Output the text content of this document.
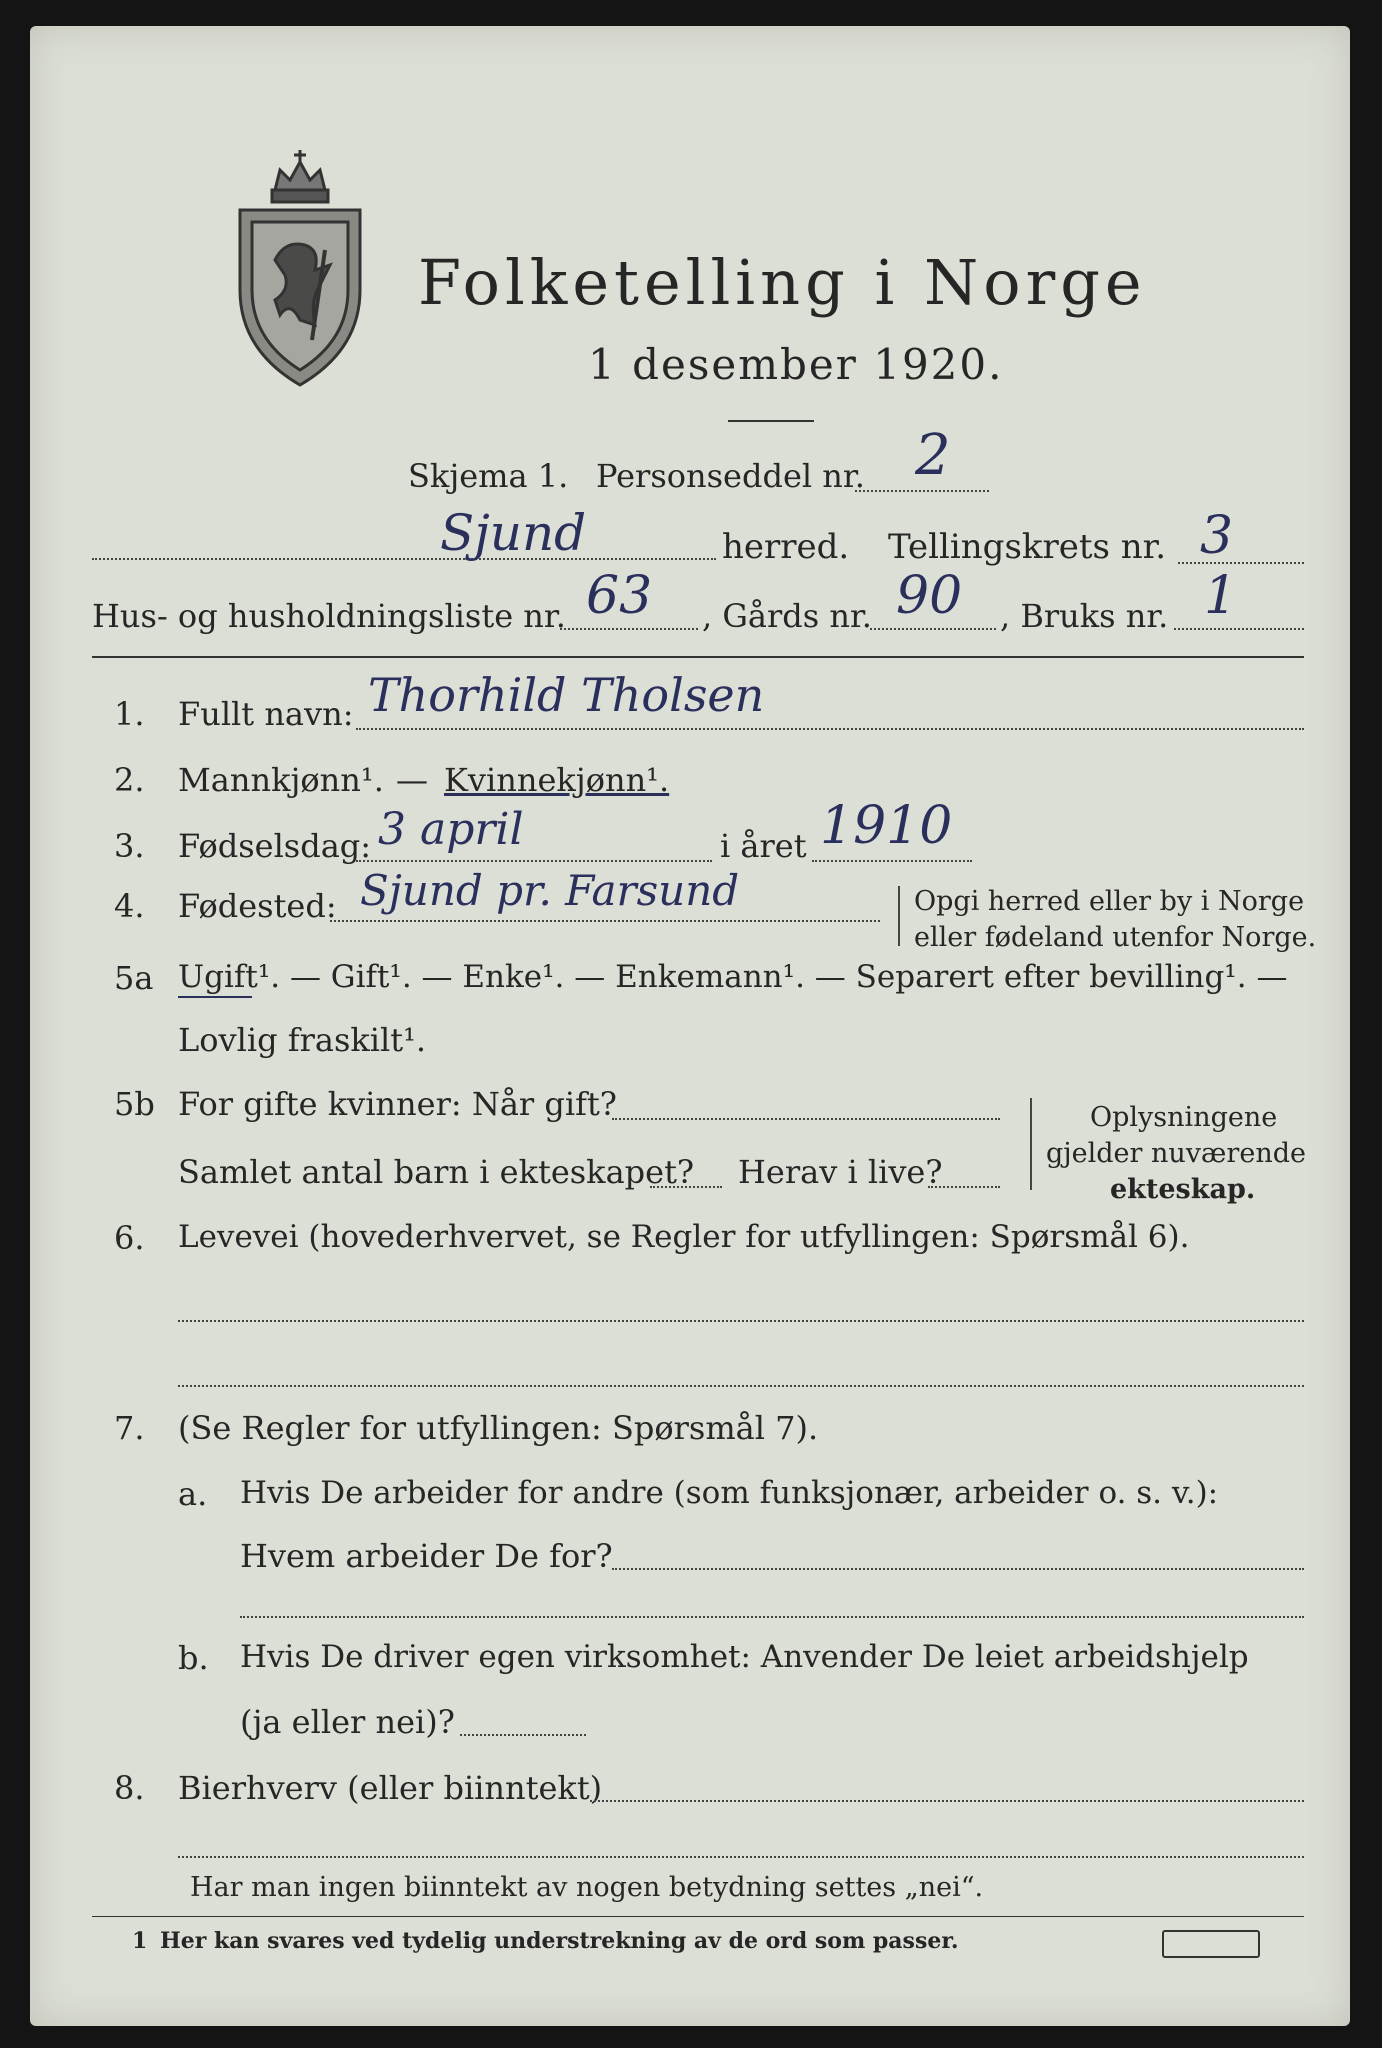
Folketelling i Norge
1 desember 1920.
Skjema 1. Personseddel nr. 2
Sjund	herred. Tellingskrets nr. 3
Hus- og husholdningsliste nr. 63 , Gårds nr. 90 , Bruks nr. 1
1. Fullt navn: Thorhild Tholsen
2. Mannkjønn¹. — Kvinnekjønn¹.
3. Fødselsdag: 3 april	i året 1910
4. Fødested: Sjund pr. Farsund	Opgi herred eller by i Norge
eller fødeland utenfor Norge.
5a Ugift¹. — Gift¹. — Enke¹. — Enkemann¹. — Separert efter bevilling¹. —
Lovlig fraskilt¹.
5b For gifte kvinner: Når gift?
Samlet antal barn i ekteskapet? Herav i live?
Oplysningene
gjelder nuværende
ekteskap.
6. Levevei (hovederhvervet, se Regler for utfyllingen: Spørsmål 6).
7. (Se Regler for utfyllingen: Spørsmål 7).
a. Hvis De arbeider for andre (som funksjonær, arbeider o. s. v.):
Hvem arbeider De for?
b. Hvis De driver egen virksomhet: Anvender De leiet arbeidshjelp
(ja eller nei)?
8. Bierhverv (eller biinntekt)
Har man ingen biinntekt av nogen betydning settes „nei“.
1 Her kan svares ved tydelig understrekning av de ord som passer.
